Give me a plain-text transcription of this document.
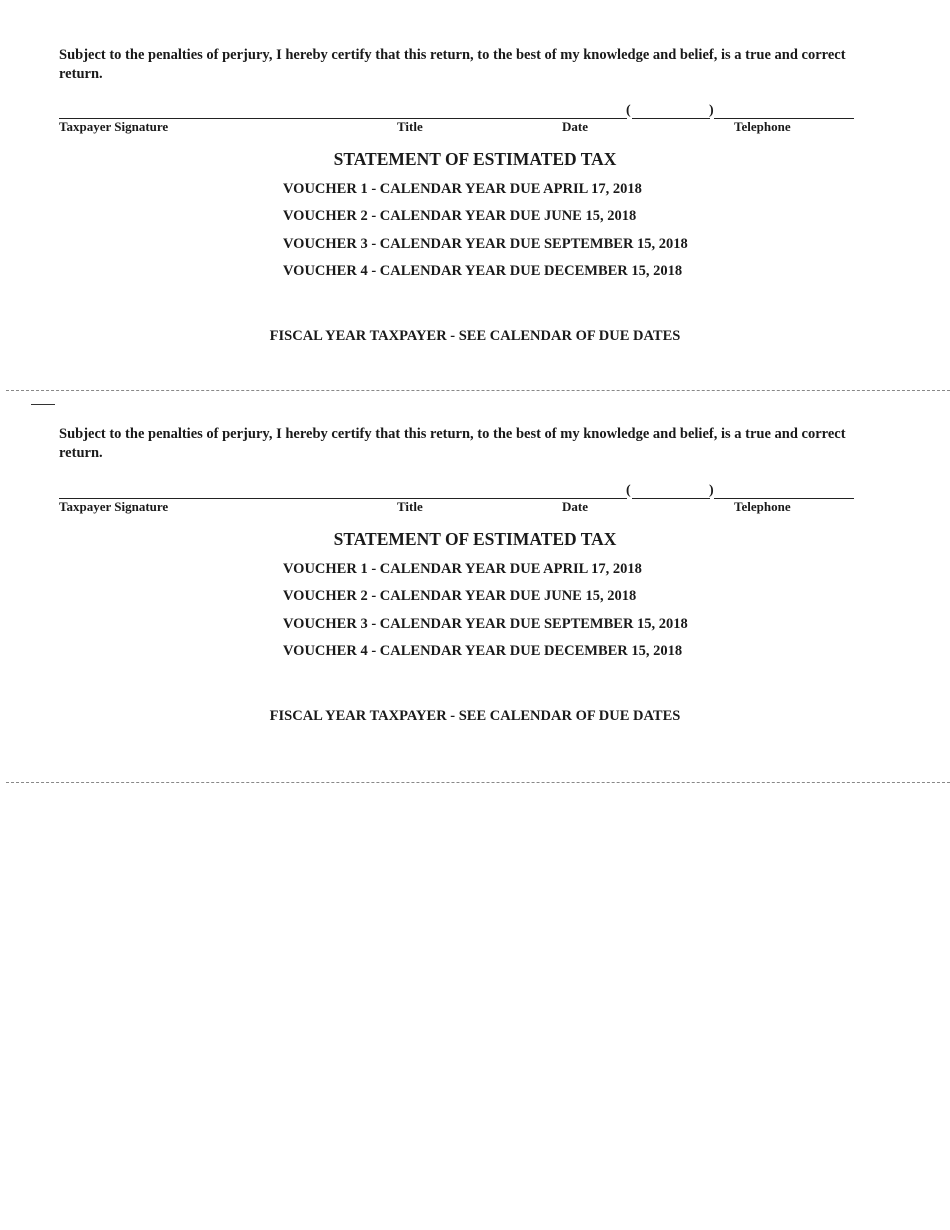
Subject to the penalties of perjury, I hereby certify that this return, to the best of my knowledge and belief, is a true and correct return.
(	)
Taxpayer Signature	Title	Date	Telephone
STATEMENT OF ESTIMATED TAX
VOUCHER 1 - CALENDAR YEAR DUE APRIL 17, 2018
VOUCHER 2 - CALENDAR YEAR DUE JUNE 15, 2018
VOUCHER 3 - CALENDAR YEAR DUE SEPTEMBER 15, 2018
VOUCHER 4 - CALENDAR YEAR DUE DECEMBER 15, 2018
FISCAL YEAR TAXPAYER - SEE CALENDAR OF DUE DATES
Subject to the penalties of perjury, I hereby certify that this return, to the best of my knowledge and belief, is a true and correct return.
(	)
Taxpayer Signature	Title	Date	Telephone
STATEMENT OF ESTIMATED TAX
VOUCHER 1 - CALENDAR YEAR DUE APRIL 17, 2018
VOUCHER 2 - CALENDAR YEAR DUE JUNE 15, 2018
VOUCHER 3 - CALENDAR YEAR DUE SEPTEMBER 15, 2018
VOUCHER 4 - CALENDAR YEAR DUE DECEMBER 15, 2018
FISCAL YEAR TAXPAYER - SEE CALENDAR OF DUE DATES
